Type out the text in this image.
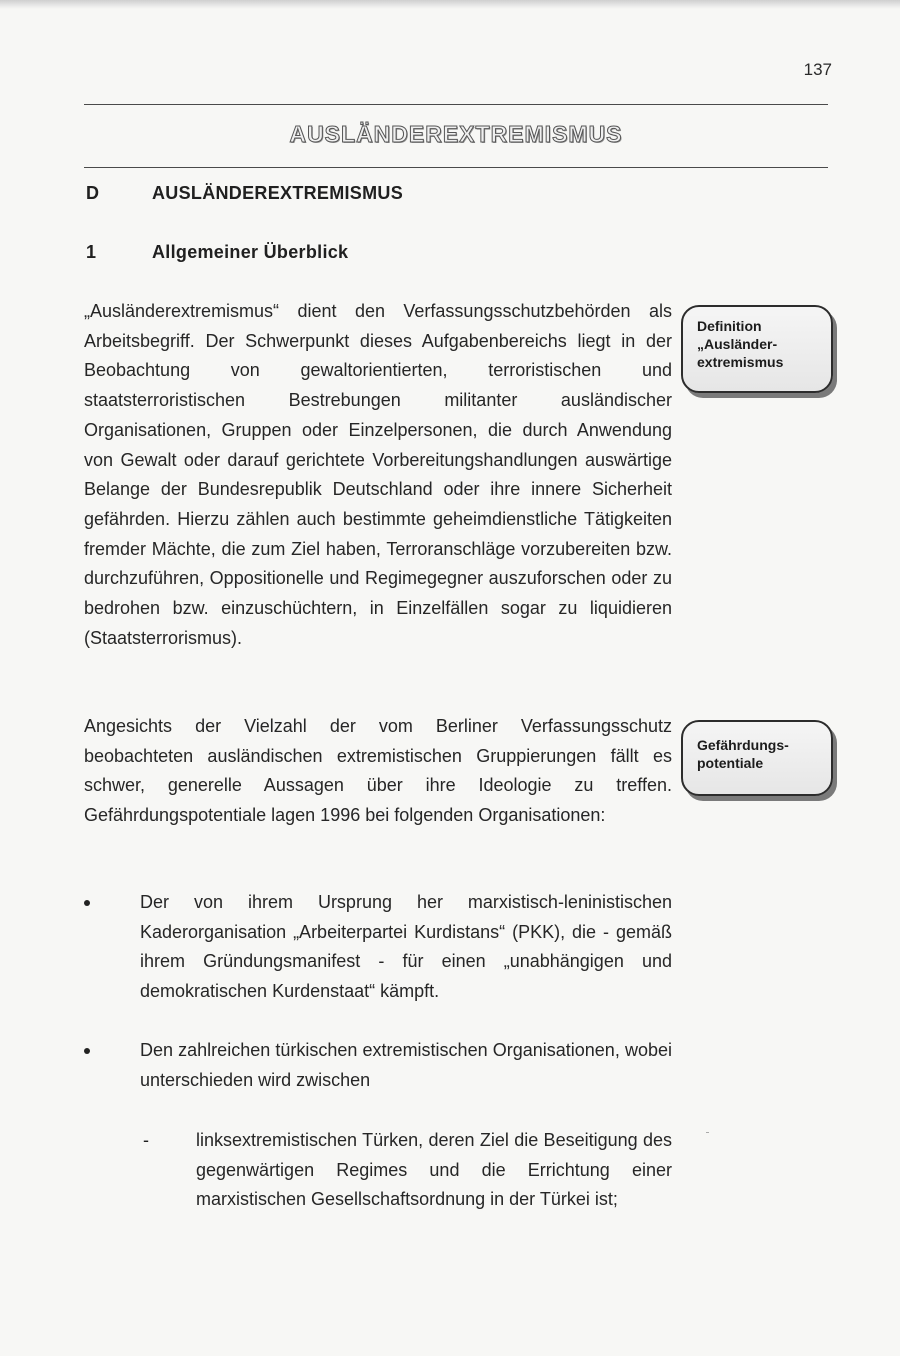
137
AUSLÄNDEREXTREMISMUS
D	AUSLÄNDEREXTREMISMUS
1	Allgemeiner Überblick

„Ausländerextremismus“ dient den Verfassungsschutzbehörden als Arbeitsbegriff. Der Schwerpunkt dieses Aufgabenbereichs liegt in der Beobachtung von gewaltorientierten, terroristischen und staatsterroristischen Bestrebungen militanter ausländischer Organisationen, Gruppen oder Einzelpersonen, die durch Anwendung von Gewalt oder darauf gerichtete Vorbereitungshandlungen auswärtige Belange der Bundesrepublik Deutschland oder ihre innere Sicherheit gefährden. Hierzu zählen auch bestimmte geheimdienstliche Tätigkeiten fremder Mächte, die zum Ziel haben, Terroranschläge vorzubereiten bzw. durchzuführen, Oppositionelle und Regimegegner auszuforschen oder zu bedrohen bzw. einzuschüchtern, in Einzelfällen sogar zu liquidieren (Staatsterrorismus).

Definition
„Ausländer-
extremismus

Angesichts der Vielzahl der vom Berliner Verfassungsschutz beobachteten ausländischen extremistischen Gruppierungen fällt es schwer, generelle Aussagen über ihre Ideologie zu treffen. Gefährdungspotentiale lagen 1996 bei folgenden Organisationen:

Gefährdungs-
potentiale

Der von ihrem Ursprung her marxistisch-leninistischen Kaderorganisation „Arbeiterpartei Kurdistans“ (PKK), die - gemäß ihrem Gründungsmanifest - für einen „unabhängigen und demokratischen Kurdenstaat“ kämpft.

Den zahlreichen türkischen extremistischen Organisationen, wobei unterschieden wird zwischen

-	linksextremistischen Türken, deren Ziel die Beseitigung des gegenwärtigen Regimes und die Errichtung einer marxistischen Gesellschaftsordnung in der Türkei ist;
